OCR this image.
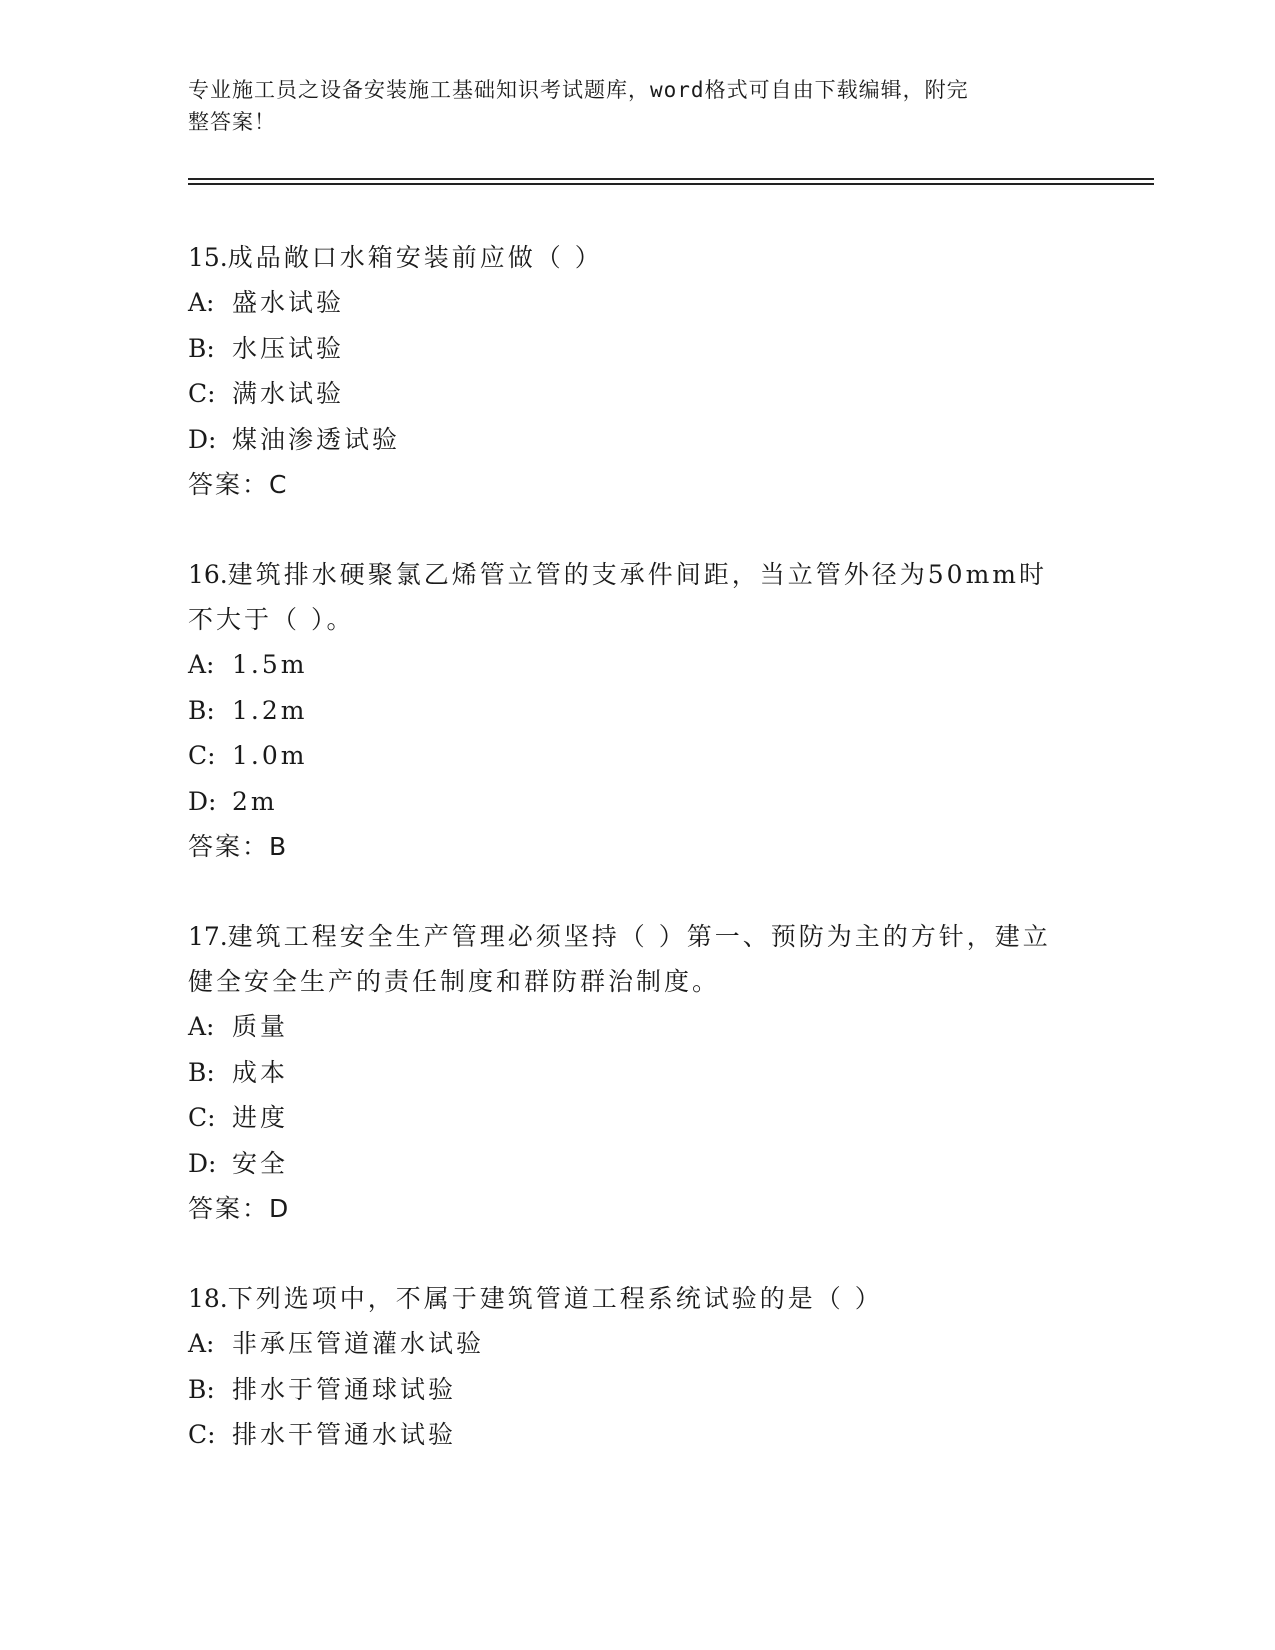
专业施工员之设备安装施工基础知识考试题库，word格式可自由下载编辑，附完
整答案！

15.成品敞口水箱安装前应做（ ）

A: 盛水试验

B: 水压试验

C: 满水试验

D: 煤油渗透试验

答案：C

16.建筑排水硬聚氯乙烯管立管的支承件间距，当立管外径为50mm时不大于（ ）。

A: 1.5m

B: 1.2m

C: 1.0m

D: 2m

答案：B

17.建筑工程安全生产管理必须坚持（ ）第一、预防为主的方针，建立健全安全生产的责任制度和群防群治制度。

A: 质量

B: 成本

C: 进度

D: 安全

答案：D

18.下列选项中，不属于建筑管道工程系统试验的是（ ）

A: 非承压管道灌水试验

B: 排水于管通球试验

C: 排水干管通水试验
